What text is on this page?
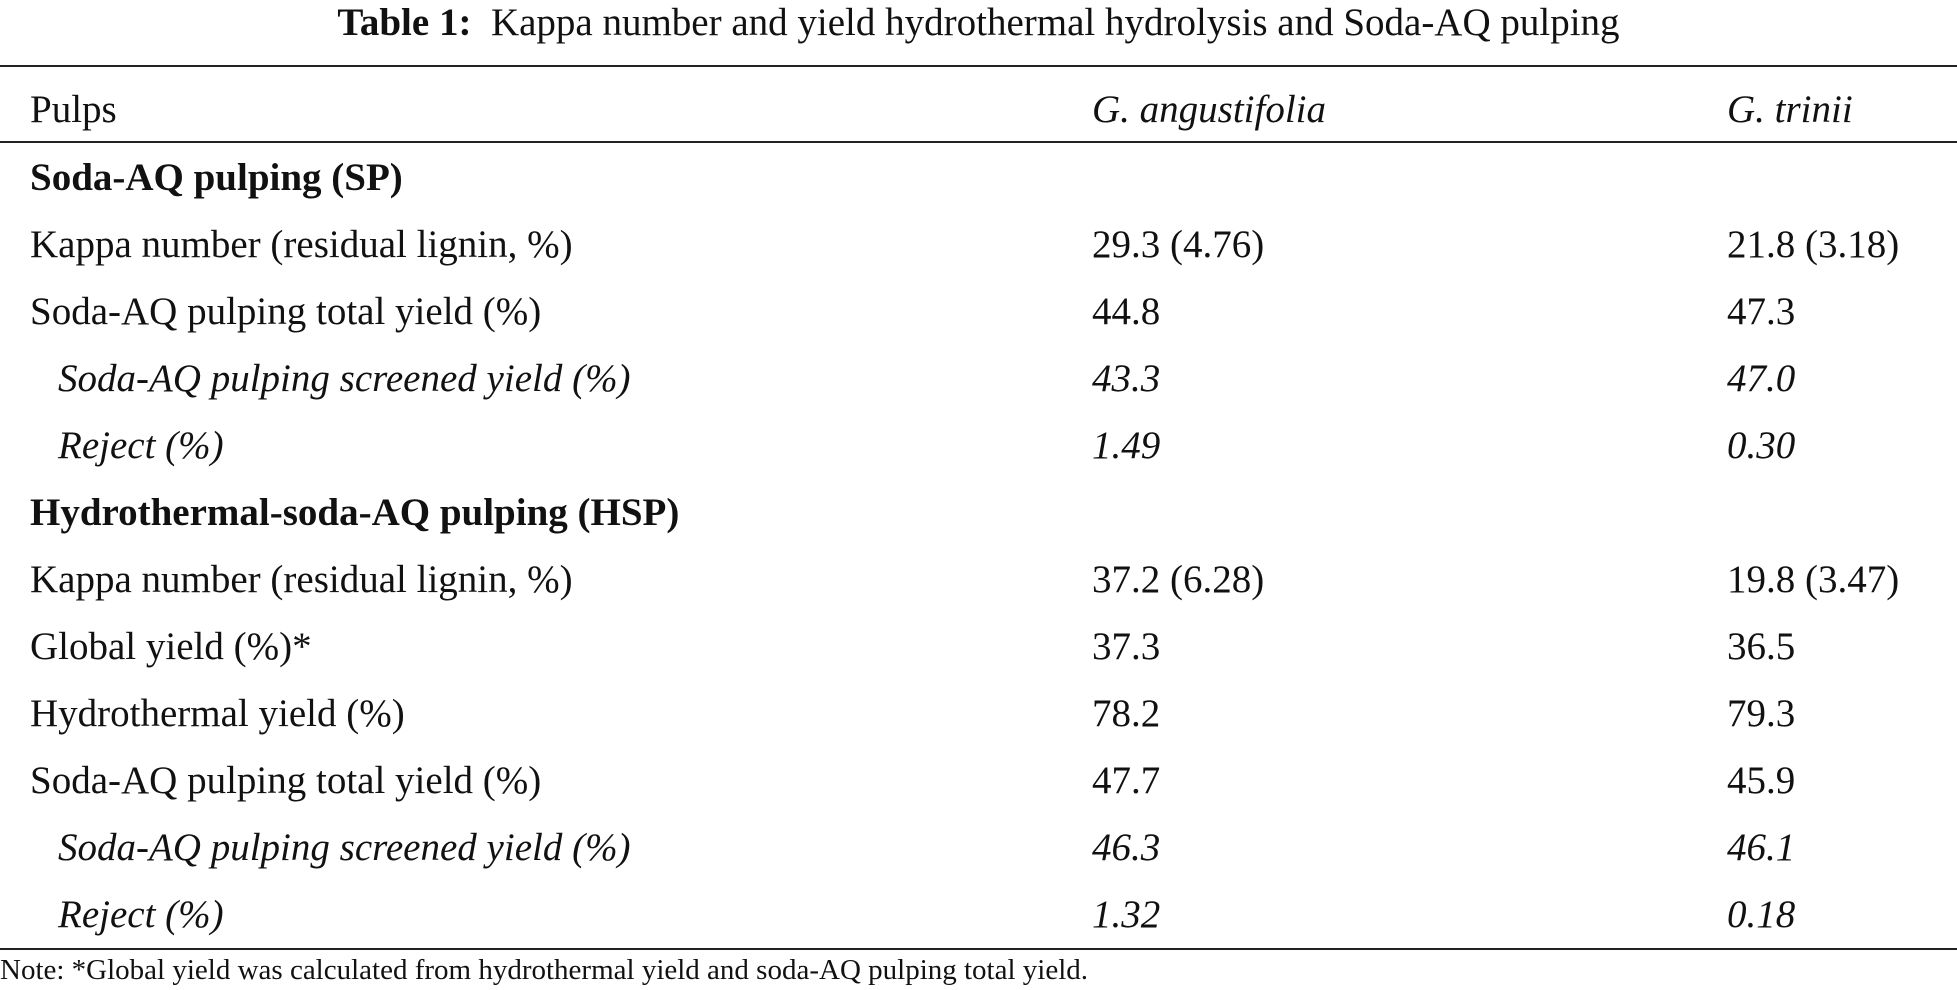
Table 1: Kappa number and yield hydrothermal hydrolysis and Soda-AQ pulping
Pulps	G. angustifolia	G. trinii
Soda-AQ pulping (SP)
Kappa number (residual lignin, %)	29.3 (4.76)	21.8 (3.18)
Soda-AQ pulping total yield (%)	44.8	47.3
Soda-AQ pulping screened yield (%)	43.3	47.0
Reject (%)	1.49	0.30
Hydrothermal-soda-AQ pulping (HSP)
Kappa number (residual lignin, %)	37.2 (6.28)	19.8 (3.47)
Global yield (%)*	37.3	36.5
Hydrothermal yield (%)	78.2	79.3
Soda-AQ pulping total yield (%)	47.7	45.9
Soda-AQ pulping screened yield (%)	46.3	46.1
Reject (%)	1.32	0.18
Note: *Global yield was calculated from hydrothermal yield and soda-AQ pulping total yield.
